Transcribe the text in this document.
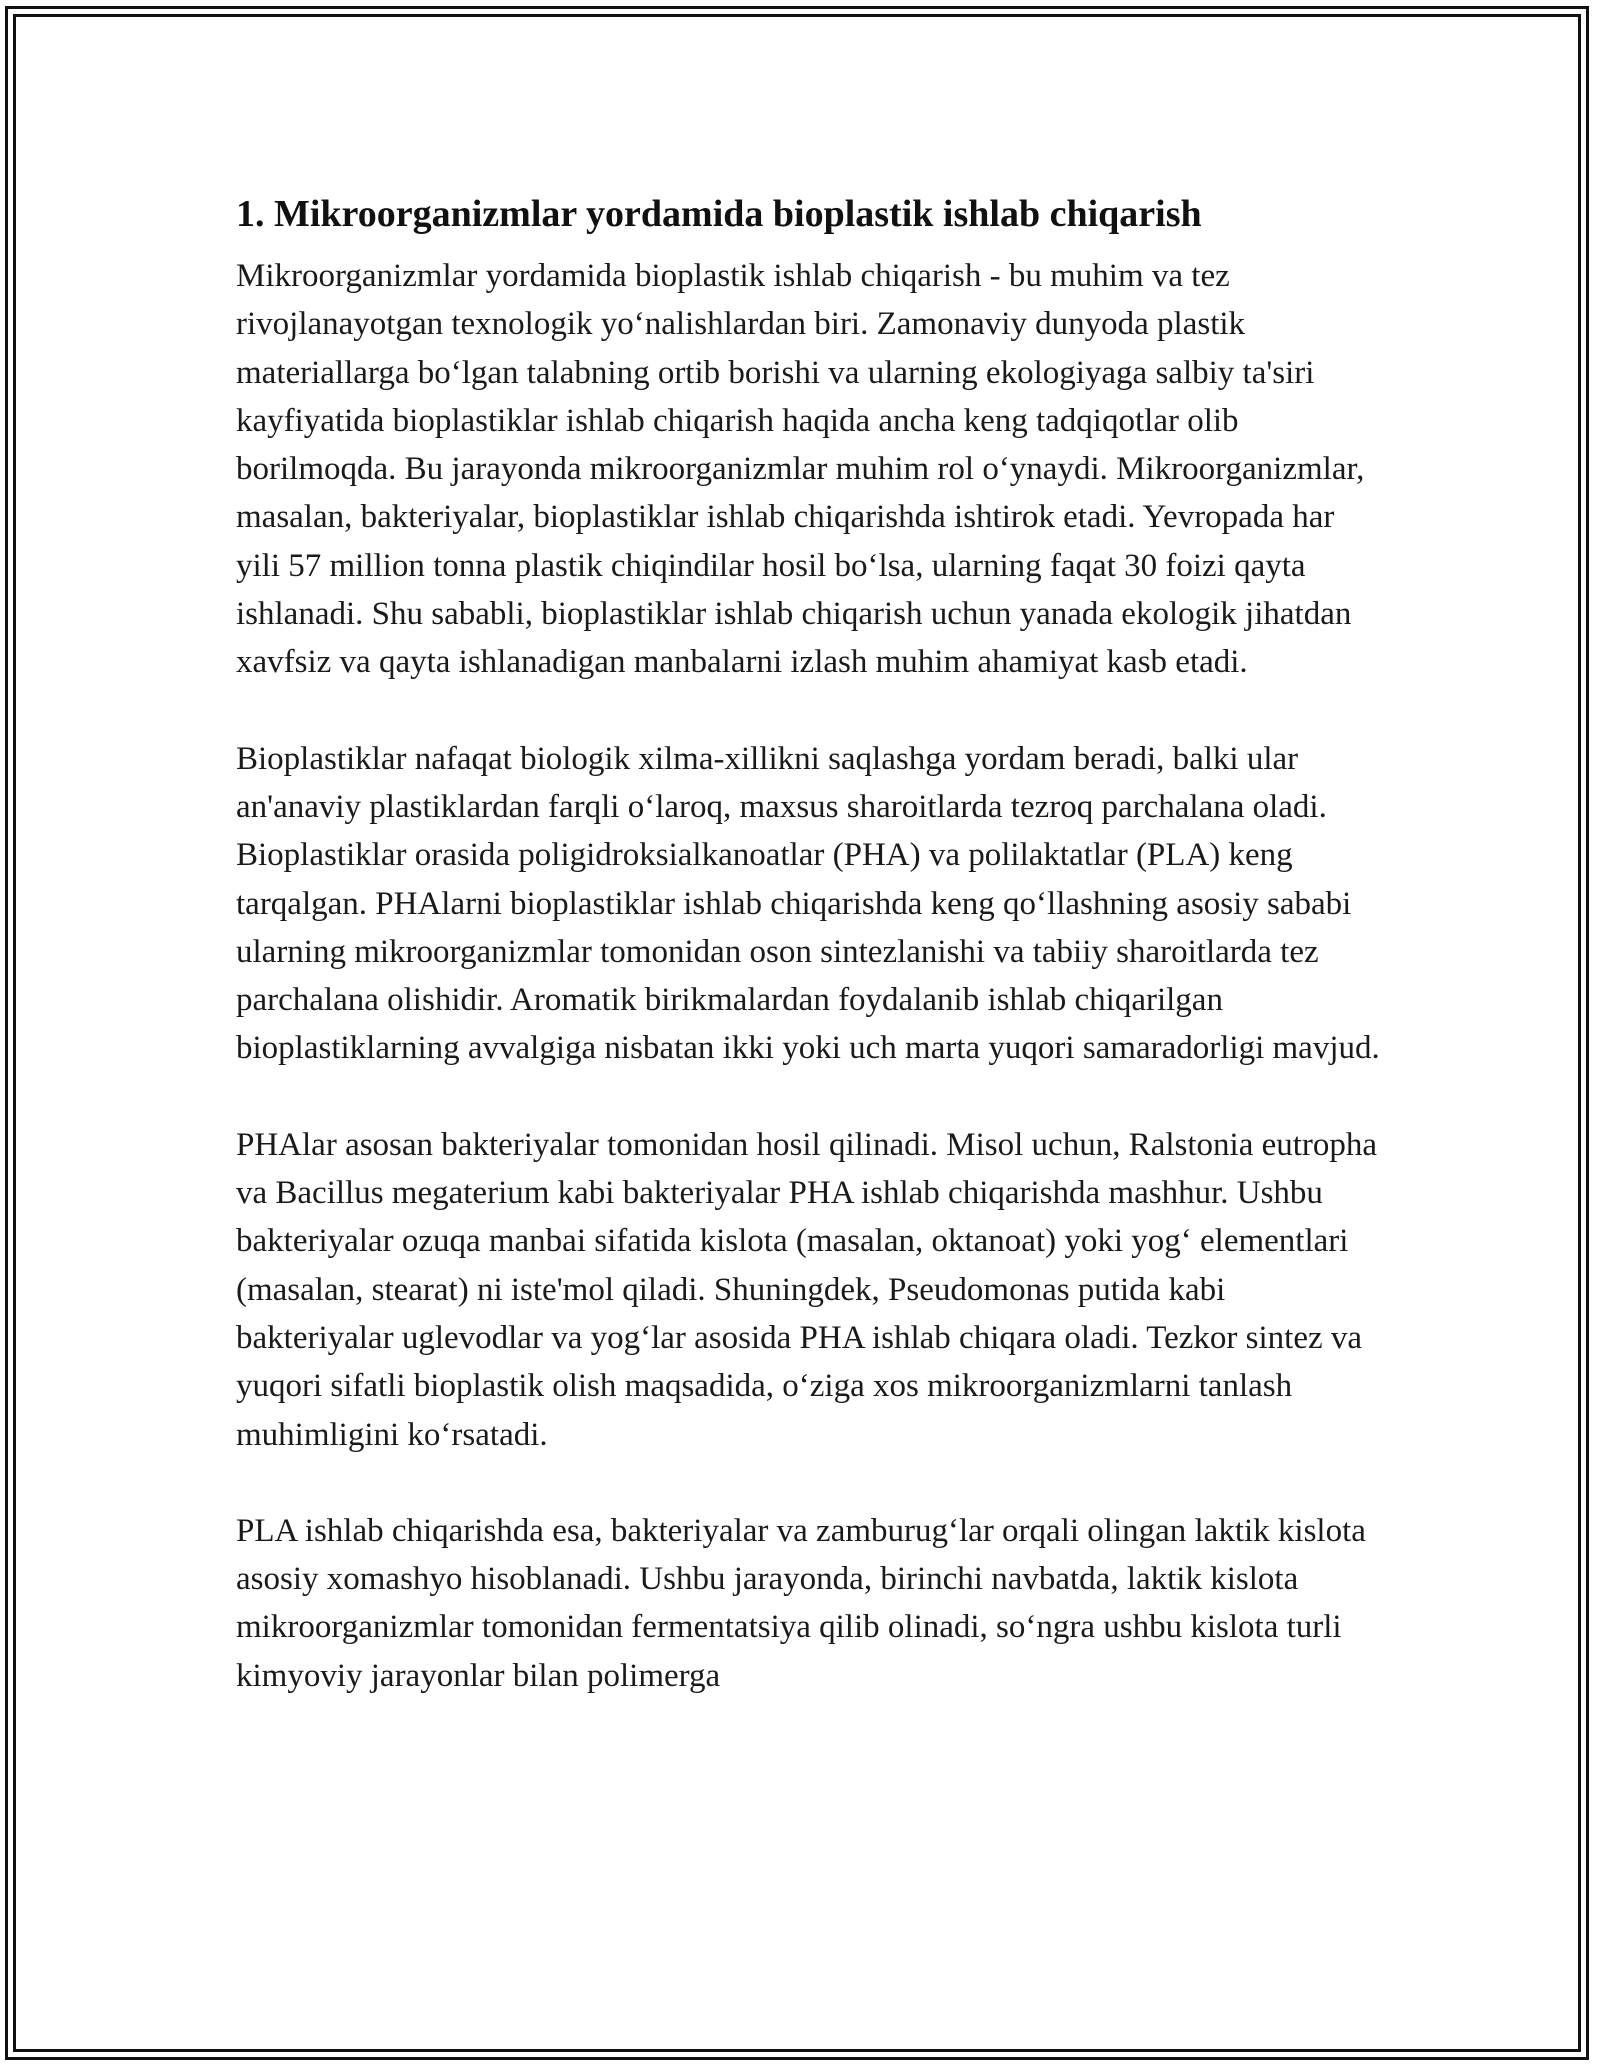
1. Mikroorganizmlar yordamida bioplastik ishlab chiqarish

Mikroorganizmlar yordamida bioplastik ishlab chiqarish - bu muhim va tez rivojlanayotgan texnologik yo‘nalishlardan biri. Zamonaviy dunyoda plastik materiallarga bo‘lgan talabning ortib borishi va ularning ekologiyaga salbiy ta'siri kayfiyatida bioplastiklar ishlab chiqarish haqida ancha keng tadqiqotlar olib borilmoqda. Bu jarayonda mikroorganizmlar muhim rol o‘ynaydi. Mikroorganizmlar, masalan, bakteriyalar, bioplastiklar ishlab chiqarishda ishtirok etadi. Yevropada har yili 57 million tonna plastik chiqindilar hosil bo‘lsa, ularning faqat 30 foizi qayta ishlanadi. Shu sababli, bioplastiklar ishlab chiqarish uchun yanada ekologik jihatdan xavfsiz va qayta ishlanadigan manbalarni izlash muhim ahamiyat kasb etadi.

Bioplastiklar nafaqat biologik xilma-xillikni saqlashga yordam beradi, balki ular an'anaviy plastiklardan farqli o‘laroq, maxsus sharoitlarda tezroq parchalana oladi. Bioplastiklar orasida poligidroksialkanoatlar (PHA) va polilaktatlar (PLA) keng tarqalgan. PHAlarni bioplastiklar ishlab chiqarishda keng qo‘llashning asosiy sababi ularning mikroorganizmlar tomonidan oson sintezlanishi va tabiiy sharoitlarda tez parchalana olishidir. Aromatik birikmalardan foydalanib ishlab chiqarilgan bioplastiklarning avvalgiga nisbatan ikki yoki uch marta yuqori samaradorligi mavjud.

PHAlar asosan bakteriyalar tomonidan hosil qilinadi. Misol uchun, Ralstonia eutropha va Bacillus megaterium kabi bakteriyalar PHA ishlab chiqarishda mashhur. Ushbu bakteriyalar ozuqa manbai sifatida kislota (masalan, oktanoat) yoki yog‘ elementlari (masalan, stearat) ni iste'mol qiladi. Shuningdek, Pseudomonas putida kabi bakteriyalar uglevodlar va yog‘lar asosida PHA ishlab chiqara oladi. Tezkor sintez va yuqori sifatli bioplastik olish maqsadida, o‘ziga xos mikroorganizmlarni tanlash muhimligini ko‘rsatadi.

PLA ishlab chiqarishda esa, bakteriyalar va zamburug‘lar orqali olingan laktik kislota asosiy xomashyo hisoblanadi. Ushbu jarayonda, birinchi navbatda, laktik kislota mikroorganizmlar tomonidan fermentatsiya qilib olinadi, so‘ngra ushbu kislota turli kimyoviy jarayonlar bilan polimerga
